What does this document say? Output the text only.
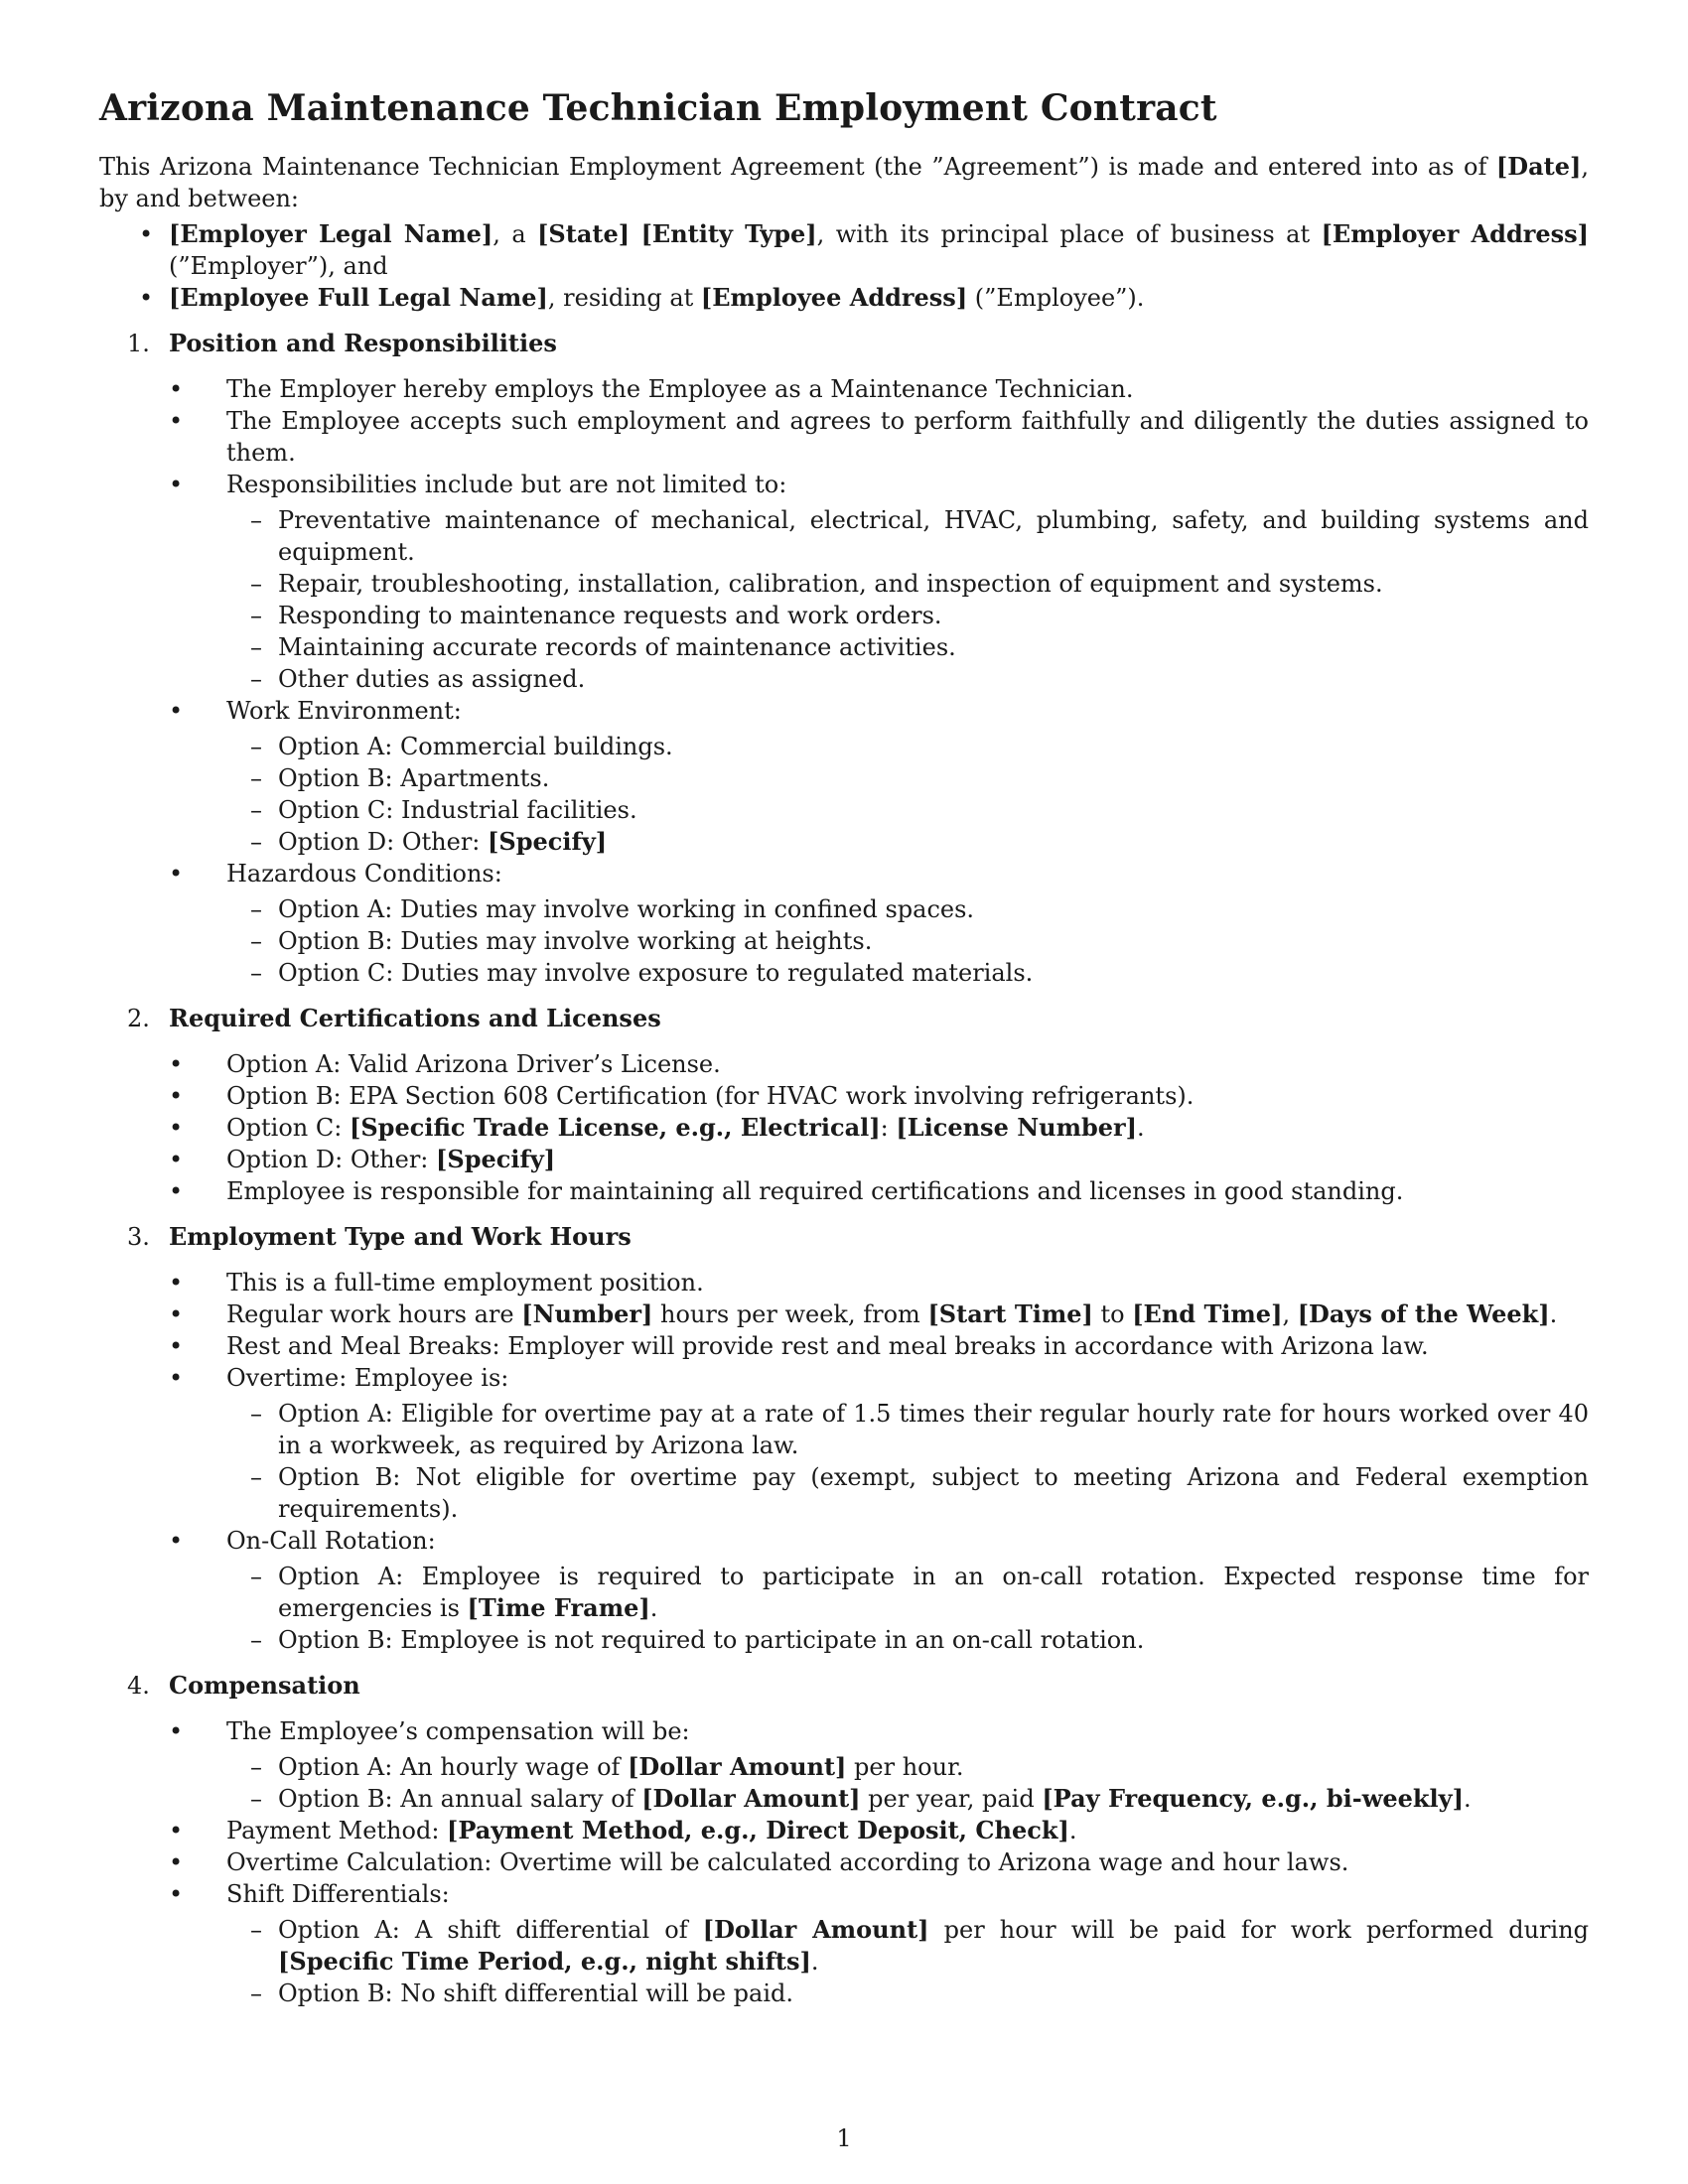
Arizona Maintenance Technician Employment Contract
This Arizona Maintenance Technician Employment Agreement (the ”Agreement”) is made and entered into as of [Date], by and between:
• [Employer Legal Name], a [State] [Entity Type], with its principal place of business at [Employer Address] (”Employer”), and
• [Employee Full Legal Name], residing at [Employee Address] (”Employee”).
1. Position and Responsibilities
• The Employer hereby employs the Employee as a Maintenance Technician.
• The Employee accepts such employment and agrees to perform faithfully and diligently the duties assigned to them.
• Responsibilities include but are not limited to:
– Preventative maintenance of mechanical, electrical, HVAC, plumbing, safety, and building systems and equipment.
– Repair, troubleshooting, installation, calibration, and inspection of equipment and systems.
– Responding to maintenance requests and work orders.
– Maintaining accurate records of maintenance activities.
– Other duties as assigned.
• Work Environment:
– Option A: Commercial buildings.
– Option B: Apartments.
– Option C: Industrial facilities.
– Option D: Other: [Specify]
• Hazardous Conditions:
– Option A: Duties may involve working in confined spaces.
– Option B: Duties may involve working at heights.
– Option C: Duties may involve exposure to regulated materials.
2. Required Certifications and Licenses
• Option A: Valid Arizona Driver’s License.
• Option B: EPA Section 608 Certification (for HVAC work involving refrigerants).
• Option C: [Specific Trade License, e.g., Electrical]: [License Number].
• Option D: Other: [Specify]
• Employee is responsible for maintaining all required certifications and licenses in good standing.
3. Employment Type and Work Hours
• This is a full-time employment position.
• Regular work hours are [Number] hours per week, from [Start Time] to [End Time], [Days of the Week].
• Rest and Meal Breaks: Employer will provide rest and meal breaks in accordance with Arizona law.
• Overtime: Employee is:
– Option A: Eligible for overtime pay at a rate of 1.5 times their regular hourly rate for hours worked over 40 in a workweek, as required by Arizona law.
– Option B: Not eligible for overtime pay (exempt, subject to meeting Arizona and Federal exemption requirements).
• On-Call Rotation:
– Option A: Employee is required to participate in an on-call rotation. Expected response time for emergencies is [Time Frame].
– Option B: Employee is not required to participate in an on-call rotation.
4. Compensation
• The Employee’s compensation will be:
– Option A: An hourly wage of [Dollar Amount] per hour.
– Option B: An annual salary of [Dollar Amount] per year, paid [Pay Frequency, e.g., bi-weekly].
• Payment Method: [Payment Method, e.g., Direct Deposit, Check].
• Overtime Calculation: Overtime will be calculated according to Arizona wage and hour laws.
• Shift Differentials:
– Option A: A shift differential of [Dollar Amount] per hour will be paid for work performed during [Specific Time Period, e.g., night shifts].
– Option B: No shift differential will be paid.
1
